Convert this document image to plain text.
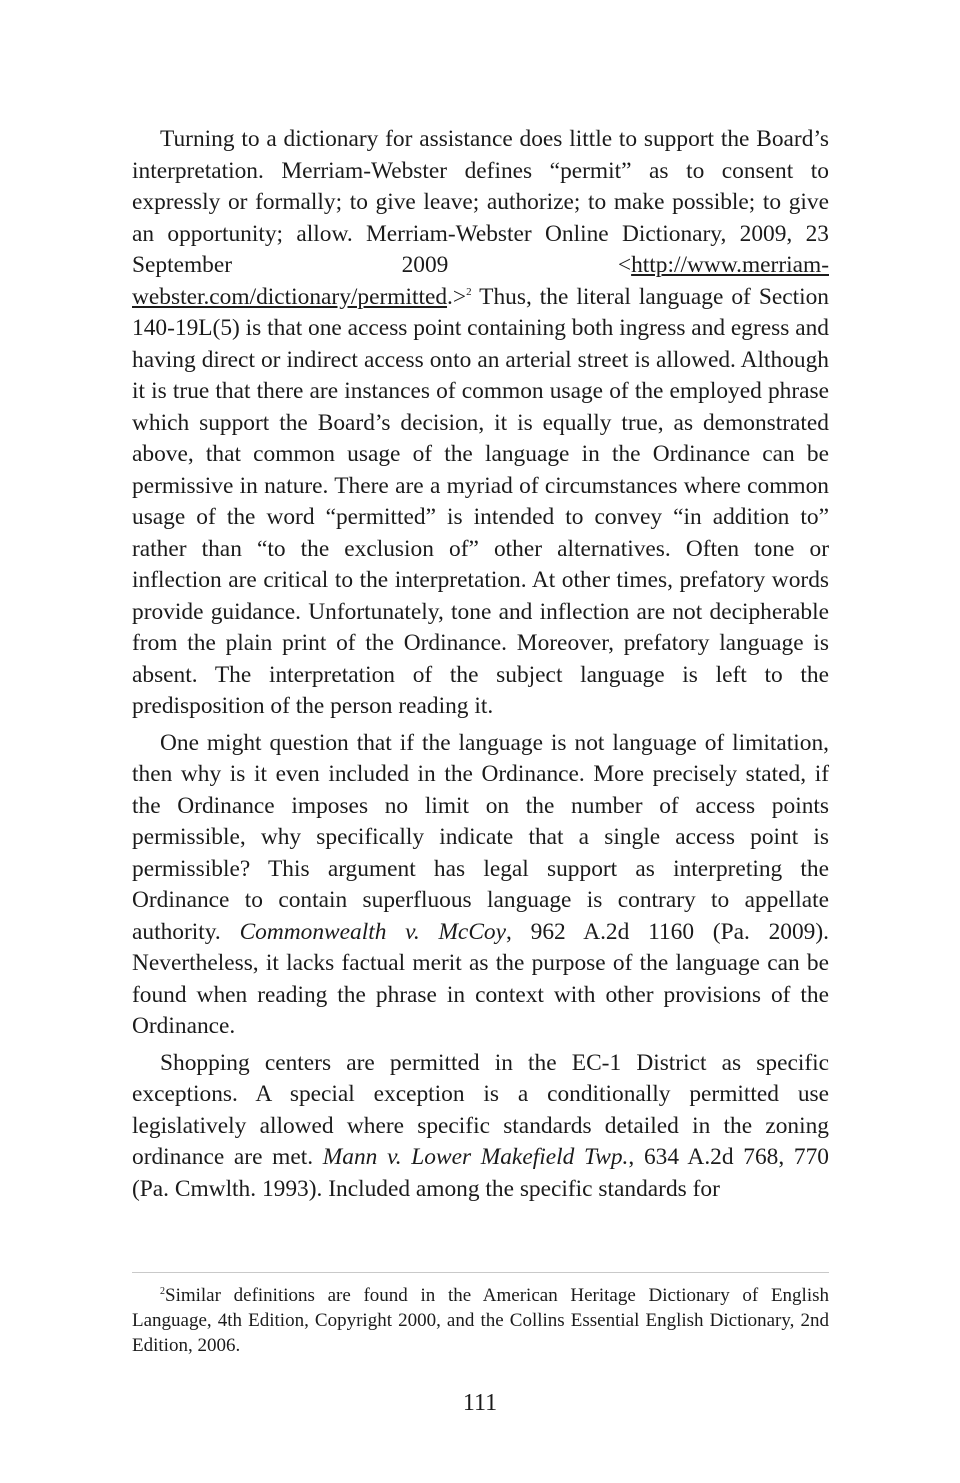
Turning to a dictionary for assistance does little to support the Board’s interpretation. Merriam-Webster defines “permit” as to consent to expressly or formally; to give leave; authorize; to make possible; to give an opportunity; allow. Merriam-Webster Online Dictionary, 2009, 23 September 2009 <http://www.merriam-webster.com/dictionary/permitted.>$^2$ Thus, the literal language of Section 140-19L(5) is that one access point containing both ingress and egress and having direct or indirect access onto an arterial street is allowed. Although it is true that there are instances of common usage of the employed phrase which support the Board’s decision, it is equally true, as demonstrated above, that common usage of the language in the Ordinance can be permissive in nature. There are a myriad of circumstances where common usage of the word “permitted” is intended to convey “in addition to” rather than “to the exclusion of” other alternatives. Often tone or inflection are critical to the interpretation. At other times, prefatory words provide guidance. Unfortunately, tone and inflection are not decipherable from the plain print of the Ordinance. Moreover, prefatory language is absent. The interpretation of the subject language is left to the predisposition of the person reading it.

One might question that if the language is not language of limitation, then why is it even included in the Ordinance. More precisely stated, if the Ordinance imposes no limit on the number of access points permissible, why specifically indicate that a single access point is permissible? This argument has legal support as interpreting the Ordinance to contain superfluous language is contrary to appellate authority. Commonwealth v. McCoy, 962 A.2d 1160 (Pa. 2009). Nevertheless, it lacks factual merit as the purpose of the language can be found when reading the phrase in context with other provisions of the Ordinance.

Shopping centers are permitted in the EC-1 District as specific exceptions. A special exception is a conditionally permitted use legislatively allowed where specific standards detailed in the zoning ordinance are met. Mann v. Lower Makefield Twp., 634 A.2d 768, 770 (Pa. Cmwlth. 1993). Included among the specific standards for

$^2$Similar definitions are found in the American Heritage Dictionary of English Language, 4th Edition, Copyright 2000, and the Collins Essential English Dictionary, 2nd Edition, 2006.

111
